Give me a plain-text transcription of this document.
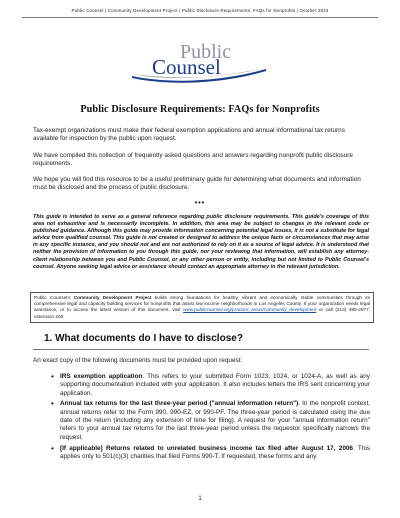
Public Counsel | Community Development Project | Public Disclosure Requirements: FAQs for Nonprofits | October 2023
Public
Counsel
Public Disclosure Requirements: FAQs for Nonprofits
Tax-exempt organizations must make their federal exemption applications and annual informational tax returns available for inspection by the public upon request.
We have compiled this collection of frequently asked questions and answers regarding nonprofit public disclosure requirements.
We hope you will find this resource to be a useful preliminary guide for determining what documents and information must be disclosed and the process of public disclosure.
•••
This guide is intended to serve as a general reference regarding public disclosure requirements. This guide's coverage of this area not exhaustive and is necessarily incomplete. In addition, this area may be subject to changes in the relevant code or published guidance. Although this guide may provide information concerning potential legal issues, it is not a substitute for legal advice from qualified counsel. This guide is not created or designed to address the unique facts or circumstances that may arise in any specific instance, and you should not and are not authorized to rely on it as a source of legal advice. It is understood that neither the provision of information to you through this guide, nor your reviewing that information, will establish any attorney-client relationship between you and Public Counsel, or any other person or entity, including but not limited to Public Counsel's counsel. Anyone seeking legal advice or assistance should contact an appropriate attorney in the relevant jurisdiction.
Public Counsel's Community Development Project builds strong foundations for healthy, vibrant and economically stable communities through its comprehensive legal and capacity building services for nonprofits that assist low income neighborhoods in Los Angeles County. If your organization needs legal assistance, or to access the latest version of this document, visit www.publiccounsel.org/practice_areas/community_development or call (213) 385-2977, extension 200.
1. What documents do I have to disclose?
An exact copy of the following documents must be provided upon request:
• IRS exemption application. This refers to your submitted Form 1023, 1024, or 1024-A, as well as any supporting documentation included with your application. It also includes letters the IRS sent concerning your application.
• Annual tax returns for the last three-year period ("annual information return"). In the nonprofit context, annual returns refer to the Form 990, 990-EZ, or 990-PF. The three-year period is calculated using the due date of the return (including any extension of time for filing). A request for your "annual information return" refers to your annual tax returns for the last three-year period unless the requestor specifically narrows the request.
• [If applicable] Returns related to unrelated business income tax filed after August 17, 2006. This applies only to 501(c)(3) charities that filed Forms 990-T. If requested, these forms and any
1
